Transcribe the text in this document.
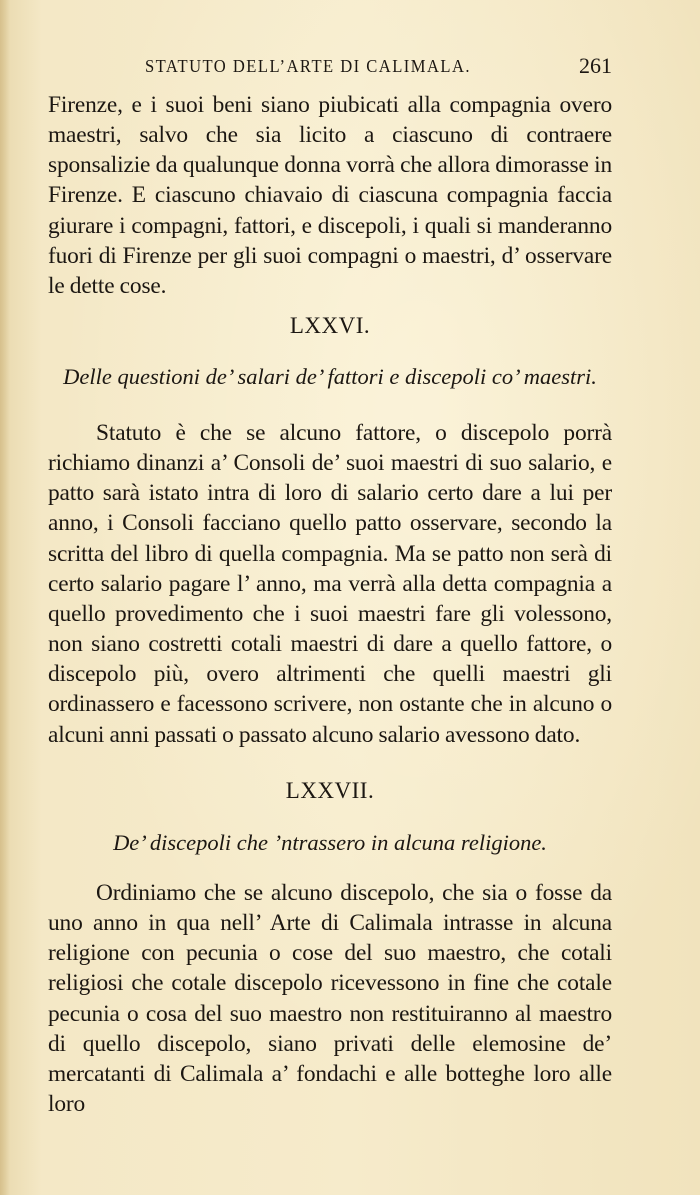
STATUTO DELL’ARTE DI CALIMALA.	261
Firenze, e i suoi beni siano piubicati alla compagnia overo maestri, salvo che sia licito a ciascuno di contraere sponsalizie da qualunque donna vorrà che allora dimorasse in Firenze. E ciascuno chiavaio di ciascuna compagnia faccia giurare i compagni, fattori, e discepoli, i quali si manderanno fuori di Firenze per gli suoi compagni o maestri, d’ osservare le dette cose.
LXXVI.
Delle questioni de’ salari de’ fattori e discepoli co’ maestri.
Statuto è che se alcuno fattore, o discepolo porrà richiamo dinanzi a’ Consoli de’ suoi maestri di suo salario, e patto sarà istato intra di loro di salario certo dare a lui per anno, i Consoli facciano quello patto osservare, secondo la scritta del libro di quella compagnia. Ma se patto non serà di certo salario pagare l’ anno, ma verrà alla detta compagnia a quello provedimento che i suoi maestri fare gli volessono, non siano costretti cotali maestri di dare a quello fattore, o discepolo più, overo altrimenti che quelli maestri gli ordinassero e facessono scrivere, non ostante che in alcuno o alcuni anni passati o passato alcuno salario avessono dato.
LXXVII.
De’ discepoli che ’ntrassero in alcuna religione.
Ordiniamo che se alcuno discepolo, che sia o fosse da uno anno in qua nell’ Arte di Calimala intrasse in alcuna religione con pecunia o cose del suo maestro, che cotali religiosi che cotale discepolo ricevessono in fine che cotale pecunia o cosa del suo maestro non restituiranno al maestro di quello discepolo, siano privati delle elemosine de’ mercatanti di Calimala a’ fondachi e alle botteghe loro alle loro
